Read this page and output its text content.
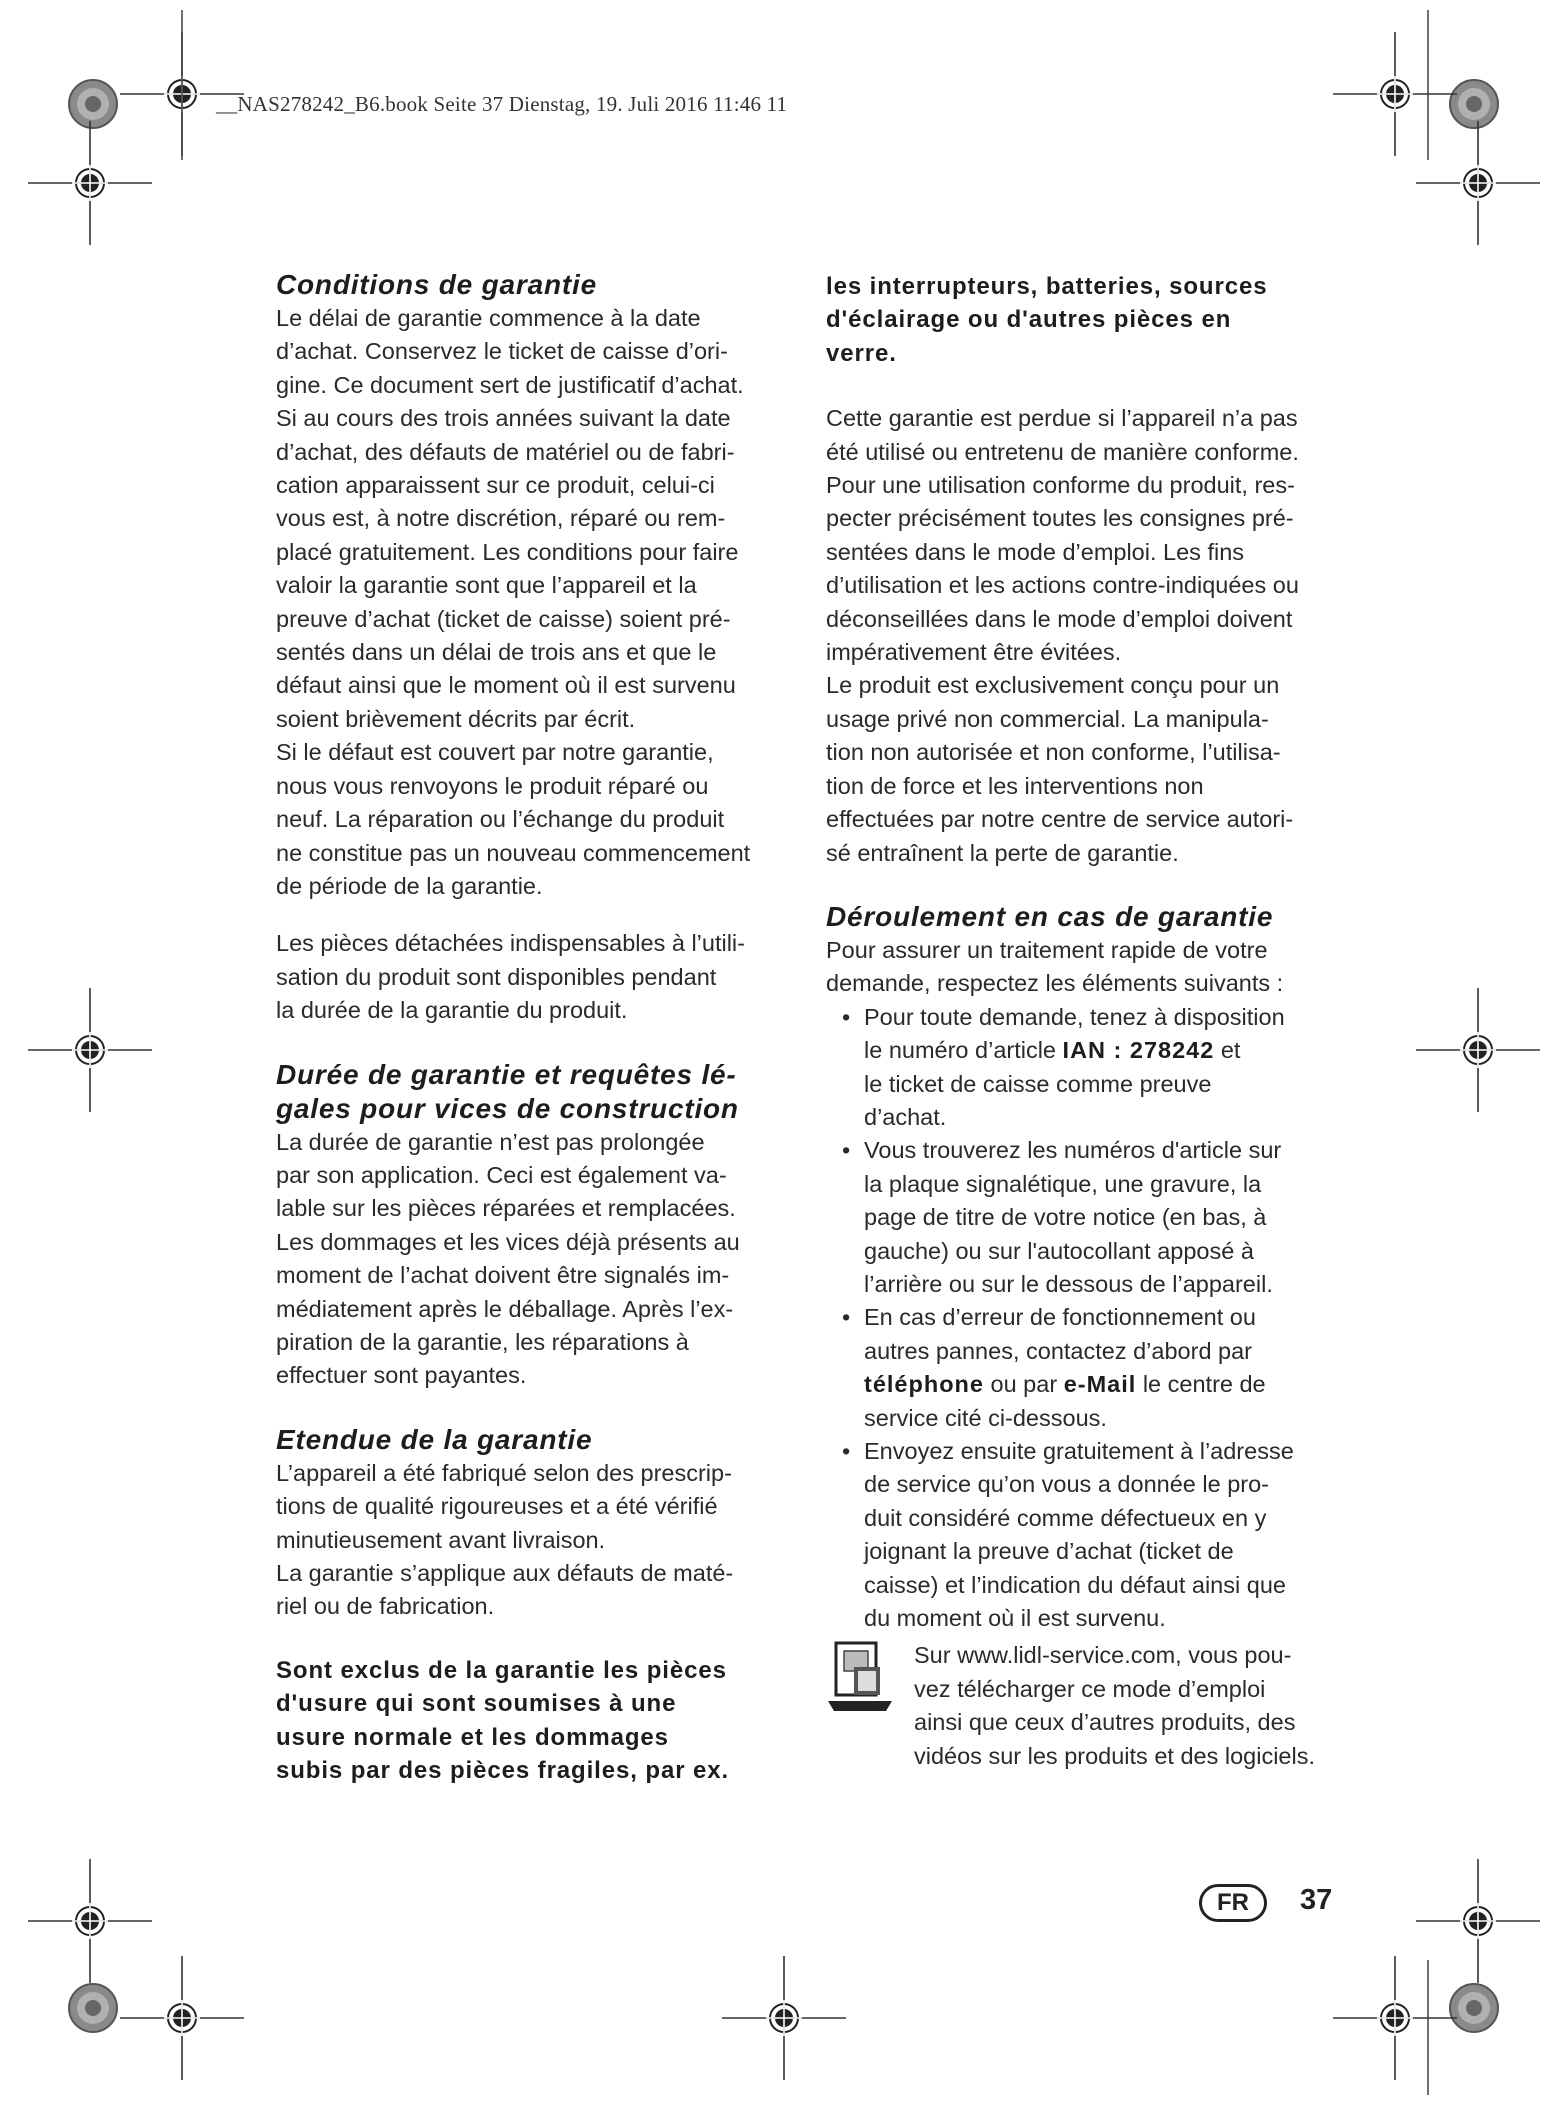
__NAS278242_B6.book Seite 37 Dienstag, 19. Juli 2016 11:46 11
Conditions de garantie

Le délai de garantie commence à la date

d’achat. Conservez le ticket de caisse d’ori-

gine. Ce document sert de justificatif d’achat.

Si au cours des trois années suivant la date

d’achat, des défauts de matériel ou de fabri-

cation apparaissent sur ce produit, celui-ci

vous est, à notre discrétion, réparé ou rem-

placé gratuitement. Les conditions pour faire

valoir la garantie sont que l’appareil et la

preuve d’achat (ticket de caisse) soient pré-

sentés dans un délai de trois ans et que le

défaut ainsi que le moment où il est survenu

soient brièvement décrits par écrit.

Si le défaut est couvert par notre garantie,

nous vous renvoyons le produit réparé ou

neuf. La réparation ou l’échange du produit

ne constitue pas un nouveau commencement

de période de la garantie.

Les pièces détachées indispensables à l’utili-

sation du produit sont disponibles pendant

la durée de la garantie du produit.

Durée de garantie et requêtes lé-
gales pour vices de construction

La durée de garantie n’est pas prolongée

par son application. Ceci est également va-

lable sur les pièces réparées et remplacées.

Les dommages et les vices déjà présents au

moment de l’achat doivent être signalés im-

médiatement après le déballage. Après l’ex-

piration de la garantie, les réparations à

effectuer sont payantes.

Etendue de la garantie

L’appareil a été fabriqué selon des prescrip-

tions de qualité rigoureuses et a été vérifié

minutieusement avant livraison.

La garantie s’applique aux défauts de maté-

riel ou de fabrication.

Sont exclus de la garantie les pièces

d'usure qui sont soumises à une

usure normale et les dommages

subis par des pièces fragiles, par ex.

les interrupteurs, batteries, sources

d'éclairage ou d'autres pièces en

verre.

Cette garantie est perdue si l’appareil n’a pas

été utilisé ou entretenu de manière conforme.

Pour une utilisation conforme du produit, res-

pecter précisément toutes les consignes pré-

sentées dans le mode d’emploi. Les fins

d’utilisation et les actions contre-indiquées ou

déconseillées dans le mode d’emploi doivent

impérativement être évitées.

Le produit est exclusivement conçu pour un

usage privé non commercial. La manipula-

tion non autorisée et non conforme, l’utilisa-

tion de force et les interventions non

effectuées par notre centre de service autori-

sé entraînent la perte de garantie.

Déroulement en cas de garantie

Pour assurer un traitement rapide de votre

demande, respectez les éléments suivants :

• Pour toute demande, tenez à disposition
le numéro d’article IAN : 278242 et
le ticket de caisse comme preuve
d’achat.
• Vous trouverez les numéros d'article sur
la plaque signalétique, une gravure, la
page de titre de votre notice (en bas, à
gauche) ou sur l'autocollant apposé à
l’arrière ou sur le dessous de l’appareil.
• En cas d’erreur de fonctionnement ou
autres pannes, contactez d’abord par
téléphone ou par e-Mail le centre de
service cité ci-dessous.
• Envoyez ensuite gratuitement à l’adresse
de service qu’on vous a donnée le pro-
duit considéré comme défectueux en y
joignant la preuve d’achat (ticket de
caisse) et l’indication du défaut ainsi que
du moment où il est survenu.
Sur www.lidl-service.com, vous pou-
vez télécharger ce mode d’emploi
ainsi que ceux d’autres produits, des
vidéos sur les produits et des logiciels.
FR	37
